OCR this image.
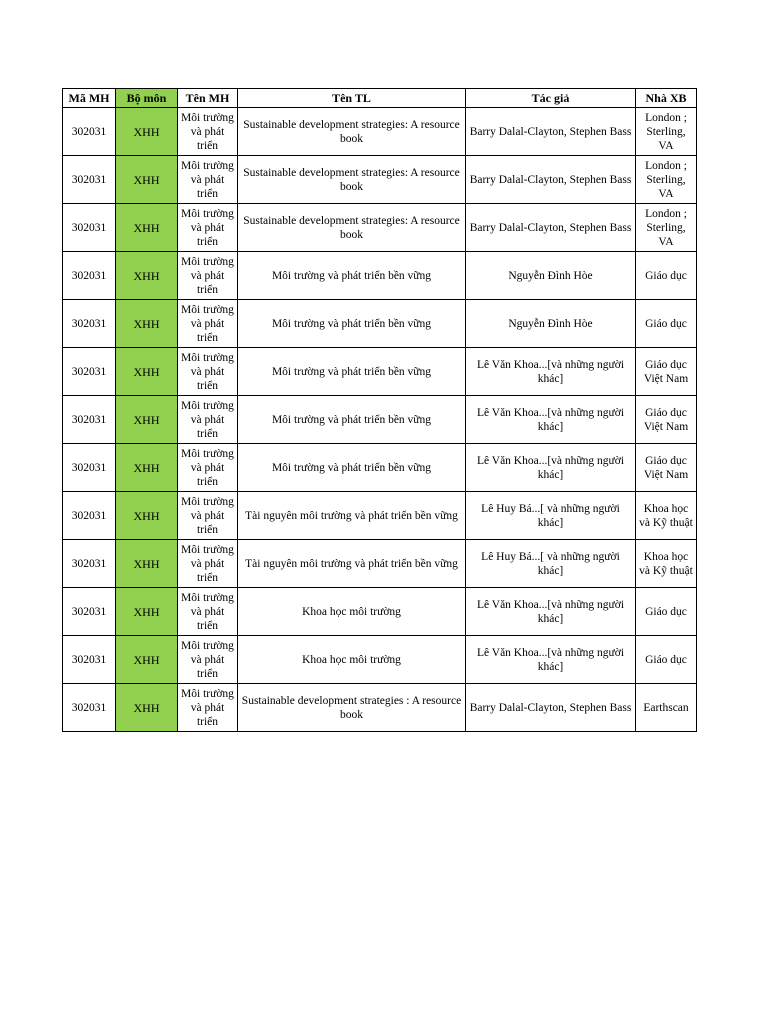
Mã MH	Bộ môn	Tên MH	Tên TL	Tác giả	Nhà XB
302031	XHH	Môi trường và phát triển	Sustainable development strategies: A resource book	Barry Dalal-Clayton, Stephen Bass	London ; Sterling, VA
302031	XHH	Môi trường và phát triển	Sustainable development strategies: A resource book	Barry Dalal-Clayton, Stephen Bass	London ; Sterling, VA
302031	XHH	Môi trường và phát triển	Sustainable development strategies: A resource book	Barry Dalal-Clayton, Stephen Bass	London ; Sterling, VA
302031	XHH	Môi trường và phát triển	Môi trường và phát triển bền vững	Nguyễn Đình Hòe	Giáo dục
302031	XHH	Môi trường và phát triển	Môi trường và phát triển bền vững	Nguyễn Đình Hòe	Giáo dục
302031	XHH	Môi trường và phát triển	Môi trường và phát triển bền vững	Lê Văn Khoa...[và những người khác]	Giáo dục Việt Nam
302031	XHH	Môi trường và phát triển	Môi trường và phát triển bền vững	Lê Văn Khoa...[và những người khác]	Giáo dục Việt Nam
302031	XHH	Môi trường và phát triển	Môi trường và phát triển bền vững	Lê Văn Khoa...[và những người khác]	Giáo dục Việt Nam
302031	XHH	Môi trường và phát triển	Tài nguyên môi trường và phát triển bền vững	Lê Huy Bá...[ và những người khác]	Khoa học và Kỹ thuật
302031	XHH	Môi trường và phát triển	Tài nguyên môi trường và phát triển bền vững	Lê Huy Bá...[ và những người khác]	Khoa học và Kỹ thuật
302031	XHH	Môi trường và phát triển	Khoa học môi trường	Lê Văn Khoa...[và những người khác]	Giáo dục
302031	XHH	Môi trường và phát triển	Khoa học môi trường	Lê Văn Khoa...[và những người khác]	Giáo dục
302031	XHH	Môi trường và phát triển	Sustainable development strategies : A resource book	Barry Dalal-Clayton, Stephen Bass	Earthscan
